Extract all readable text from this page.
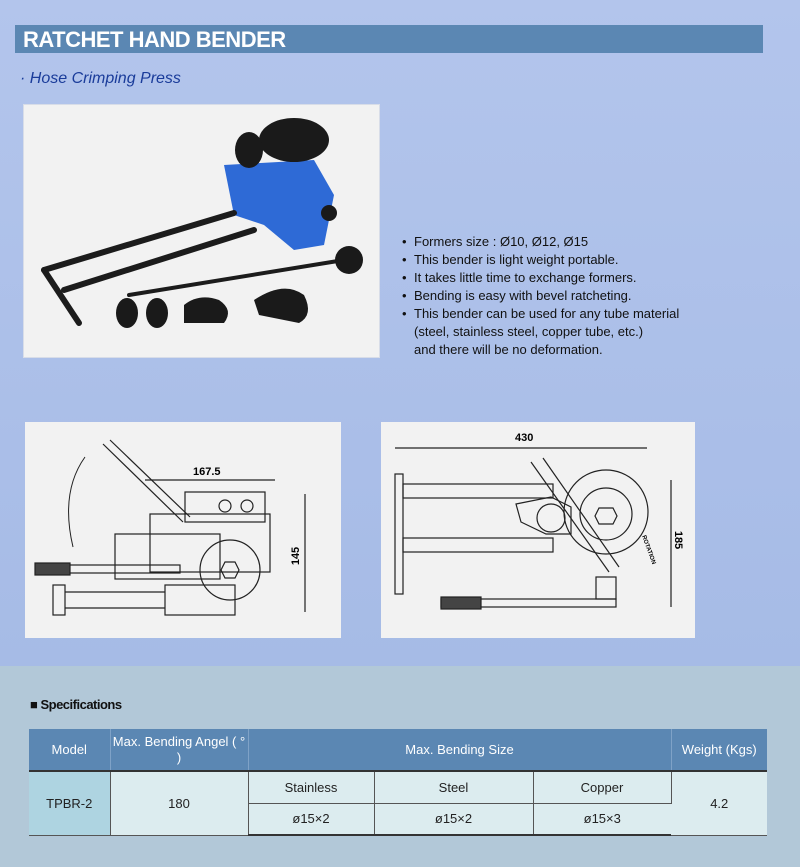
RATCHET HAND BENDER
· Hose Crimping Press
• Formers size : Ø10, Ø12, Ø15
• This bender is light weight portable.
• It takes little time to exchange formers.
• Bending is easy with bevel ratcheting.
• This bender can be used for any tube material
(steel, stainless steel, copper tube, etc.)
and there will be no deformation.
167.5
145
430
185
ROTATION
■ Specifications
Model	Max. Bending Angel ( ° )	Max. Bending Size			Weight (Kgs)
TPBR-2	180	Stainless	Steel	Copper	4.2
		ø15×2	ø15×2	ø15×3	
